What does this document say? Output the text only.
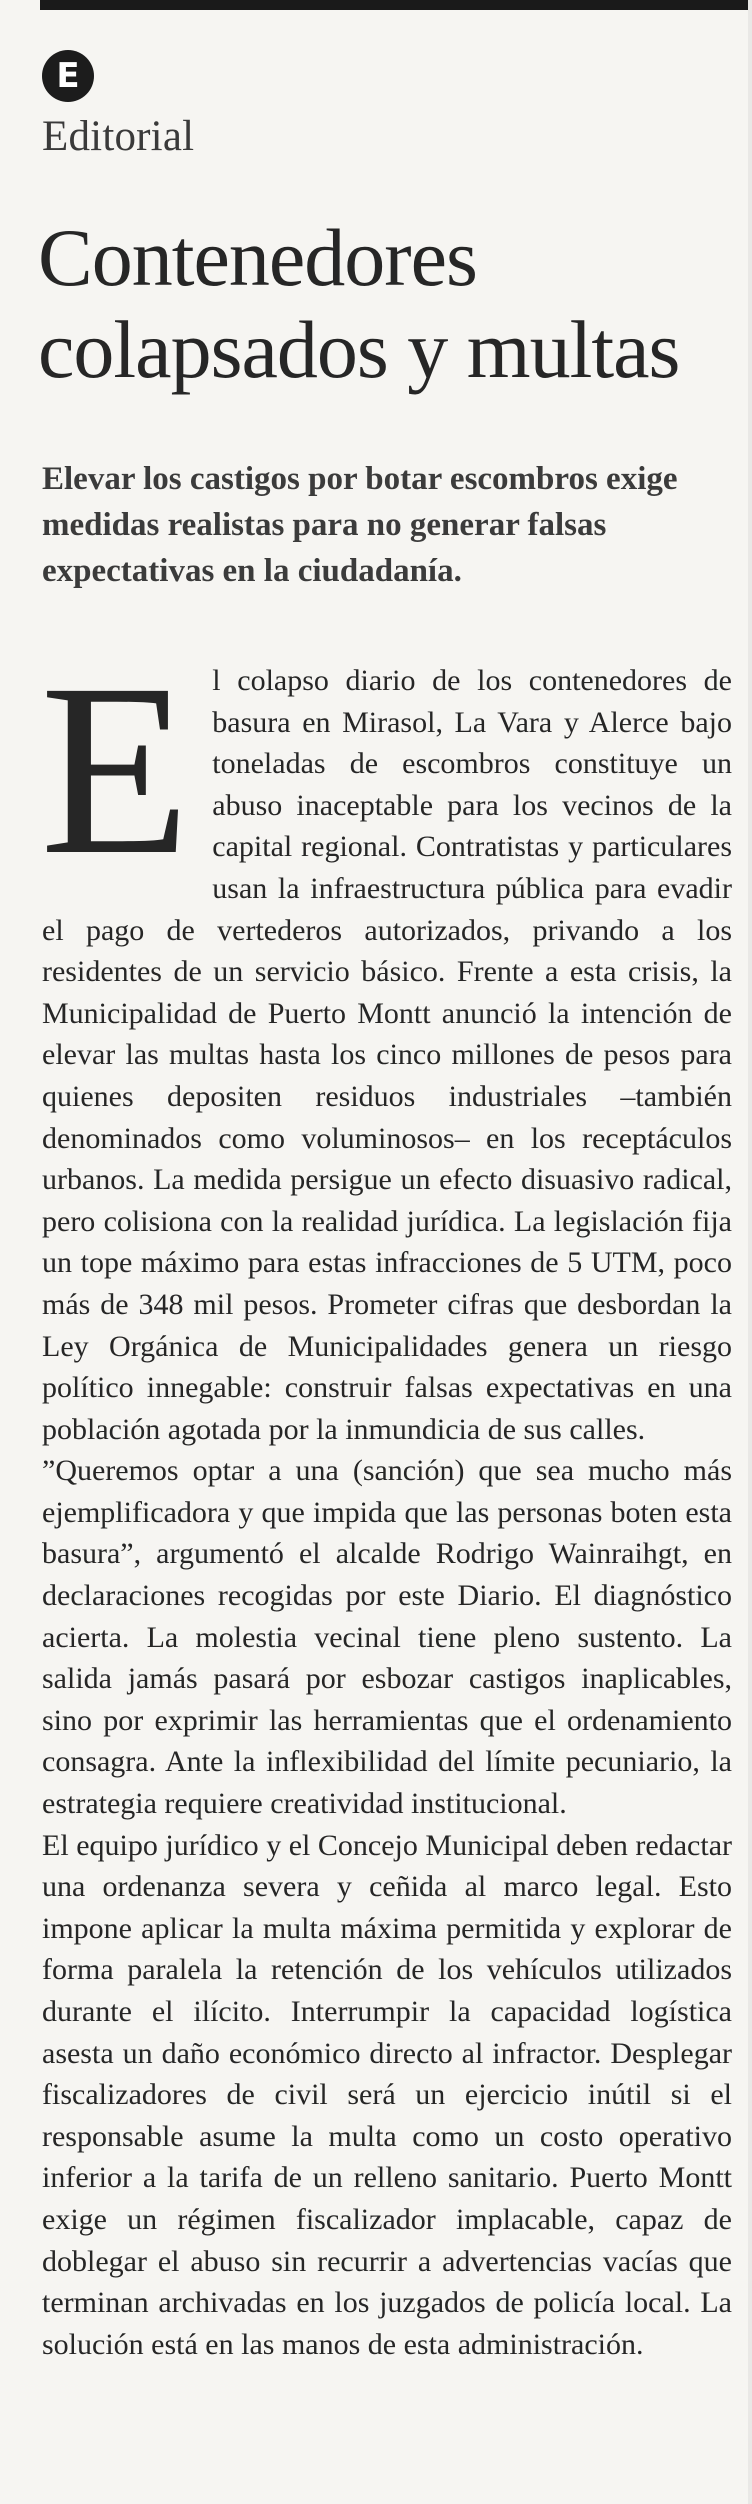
E
Editorial
Contenedores colapsados y multas

Elevar los castigos por botar escombros exige medidas realistas para no generar falsas expectativas en la ciudadanía.

El colapso diario de los contenedores de basura en Mirasol, La Vara y Alerce bajo toneladas de escombros constituye un abuso inaceptable para los vecinos de la capital regional. Contratistas y particulares usan la infraestructura pública para evadir el pago de vertederos autorizados, privando a los residentes de un servicio básico. Frente a esta crisis, la Municipalidad de Puerto Montt anunció la intención de elevar las multas hasta los cinco millones de pesos para quienes depositen residuos industriales –también denominados como voluminosos– en los receptáculos urbanos. La medida persigue un efecto disuasivo radical, pero colisiona con la realidad jurídica. La legislación fija un tope máximo para estas infracciones de 5 UTM, poco más de 348 mil pesos. Prometer cifras que desbordan la Ley Orgánica de Municipalidades genera un riesgo político innegable: construir falsas expectativas en una población agotada por la inmundicia de sus calles.

”Queremos optar a una (sanción) que sea mucho más ejemplificadora y que impida que las personas boten esta basura”, argumentó el alcalde Rodrigo Wainraihgt, en declaraciones recogidas por este Diario. El diagnóstico acierta. La molestia vecinal tiene pleno sustento. La salida jamás pasará por esbozar castigos inaplicables, sino por exprimir las herramientas que el ordenamiento consagra. Ante la inflexibilidad del límite pecuniario, la estrategia requiere creatividad institucional.

El equipo jurídico y el Concejo Municipal deben redactar una ordenanza severa y ceñida al marco legal. Esto impone aplicar la multa máxima permitida y explorar de forma paralela la retención de los vehículos utilizados durante el ilícito. Interrumpir la capacidad logística asesta un daño económico directo al infractor. Desplegar fiscalizadores de civil será un ejercicio inútil si el responsable asume la multa como un costo operativo inferior a la tarifa de un relleno sanitario. Puerto Montt exige un régimen fiscalizador implacable, capaz de doblegar el abuso sin recurrir a advertencias vacías que terminan archivadas en los juzgados de policía local. La solución está en las manos de esta administración.
